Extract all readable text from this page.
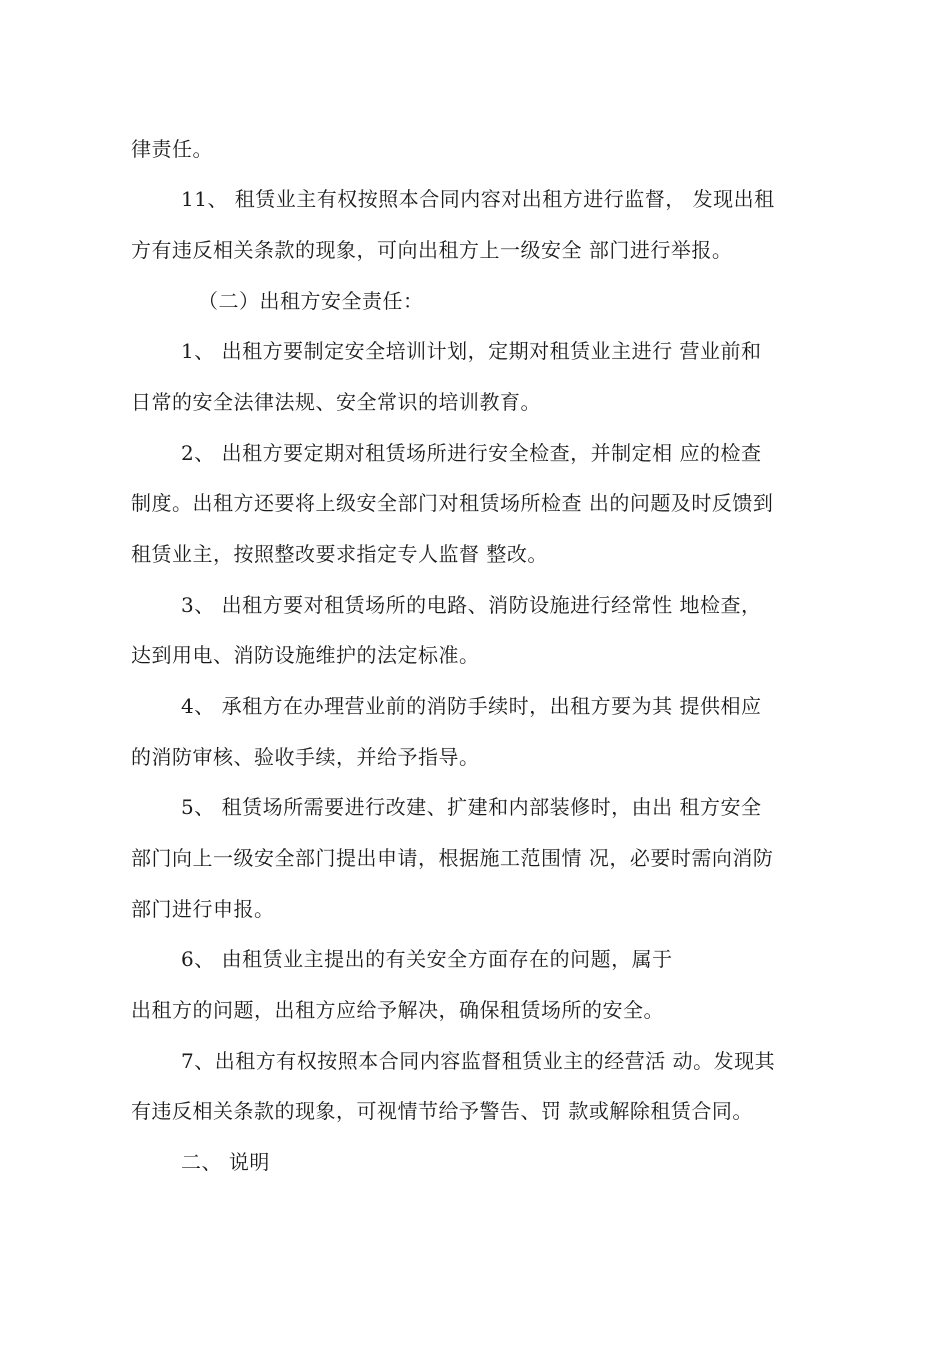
律责任。
11、 租赁业主有权按照本合同内容对出租方进行监督， 发现出租
方有违反相关条款的现象，可向出租方上一级安全 部门进行举报。
（二）出租方安全责任：
1、 出租方要制定安全培训计划，定期对租赁业主进行 营业前和
日常的安全法律法规、安全常识的培训教育。
2、 出租方要定期对租赁场所进行安全检查，并制定相 应的检查
制度。出租方还要将上级安全部门对租赁场所检查 出的问题及时反馈到
租赁业主，按照整改要求指定专人监督 整改。
3、 出租方要对租赁场所的电路、消防设施进行经常性 地检查，
达到用电、消防设施维护的法定标准。
4、 承租方在办理营业前的消防手续时，出租方要为其 提供相应
的消防审核、验收手续，并给予指导。
5、 租赁场所需要进行改建、扩建和内部装修时，由出 租方安全
部门向上一级安全部门提出申请，根据施工范围情 况，必要时需向消防
部门进行申报。
6、 由租赁业主提出的有关安全方面存在的问题，属于
出租方的问题，出租方应给予解决，确保租赁场所的安全。
7、出租方有权按照本合同内容监督租赁业主的经营活 动。发现其
有违反相关条款的现象，可视情节给予警告、罚 款或解除租赁合同。
二、 说明
